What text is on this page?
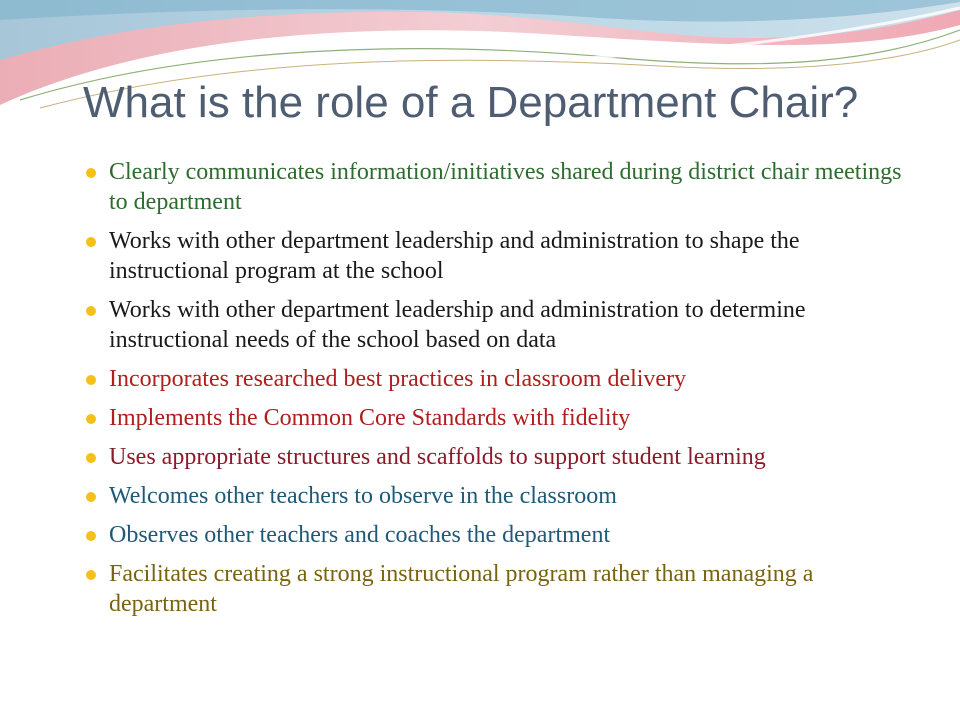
What is the role of a Department Chair?
Clearly communicates information/initiatives shared during district chair meetings to department
Works with other department leadership and administration to shape the instructional program at the school
Works with other department leadership and administration to determine instructional needs of the school based on data
Incorporates researched best practices in classroom delivery
Implements the Common Core Standards with fidelity
Uses appropriate structures and scaffolds to support student learning
Welcomes other teachers to observe in the classroom
Observes other teachers and coaches the department
Facilitates creating a strong instructional program rather than managing a department
